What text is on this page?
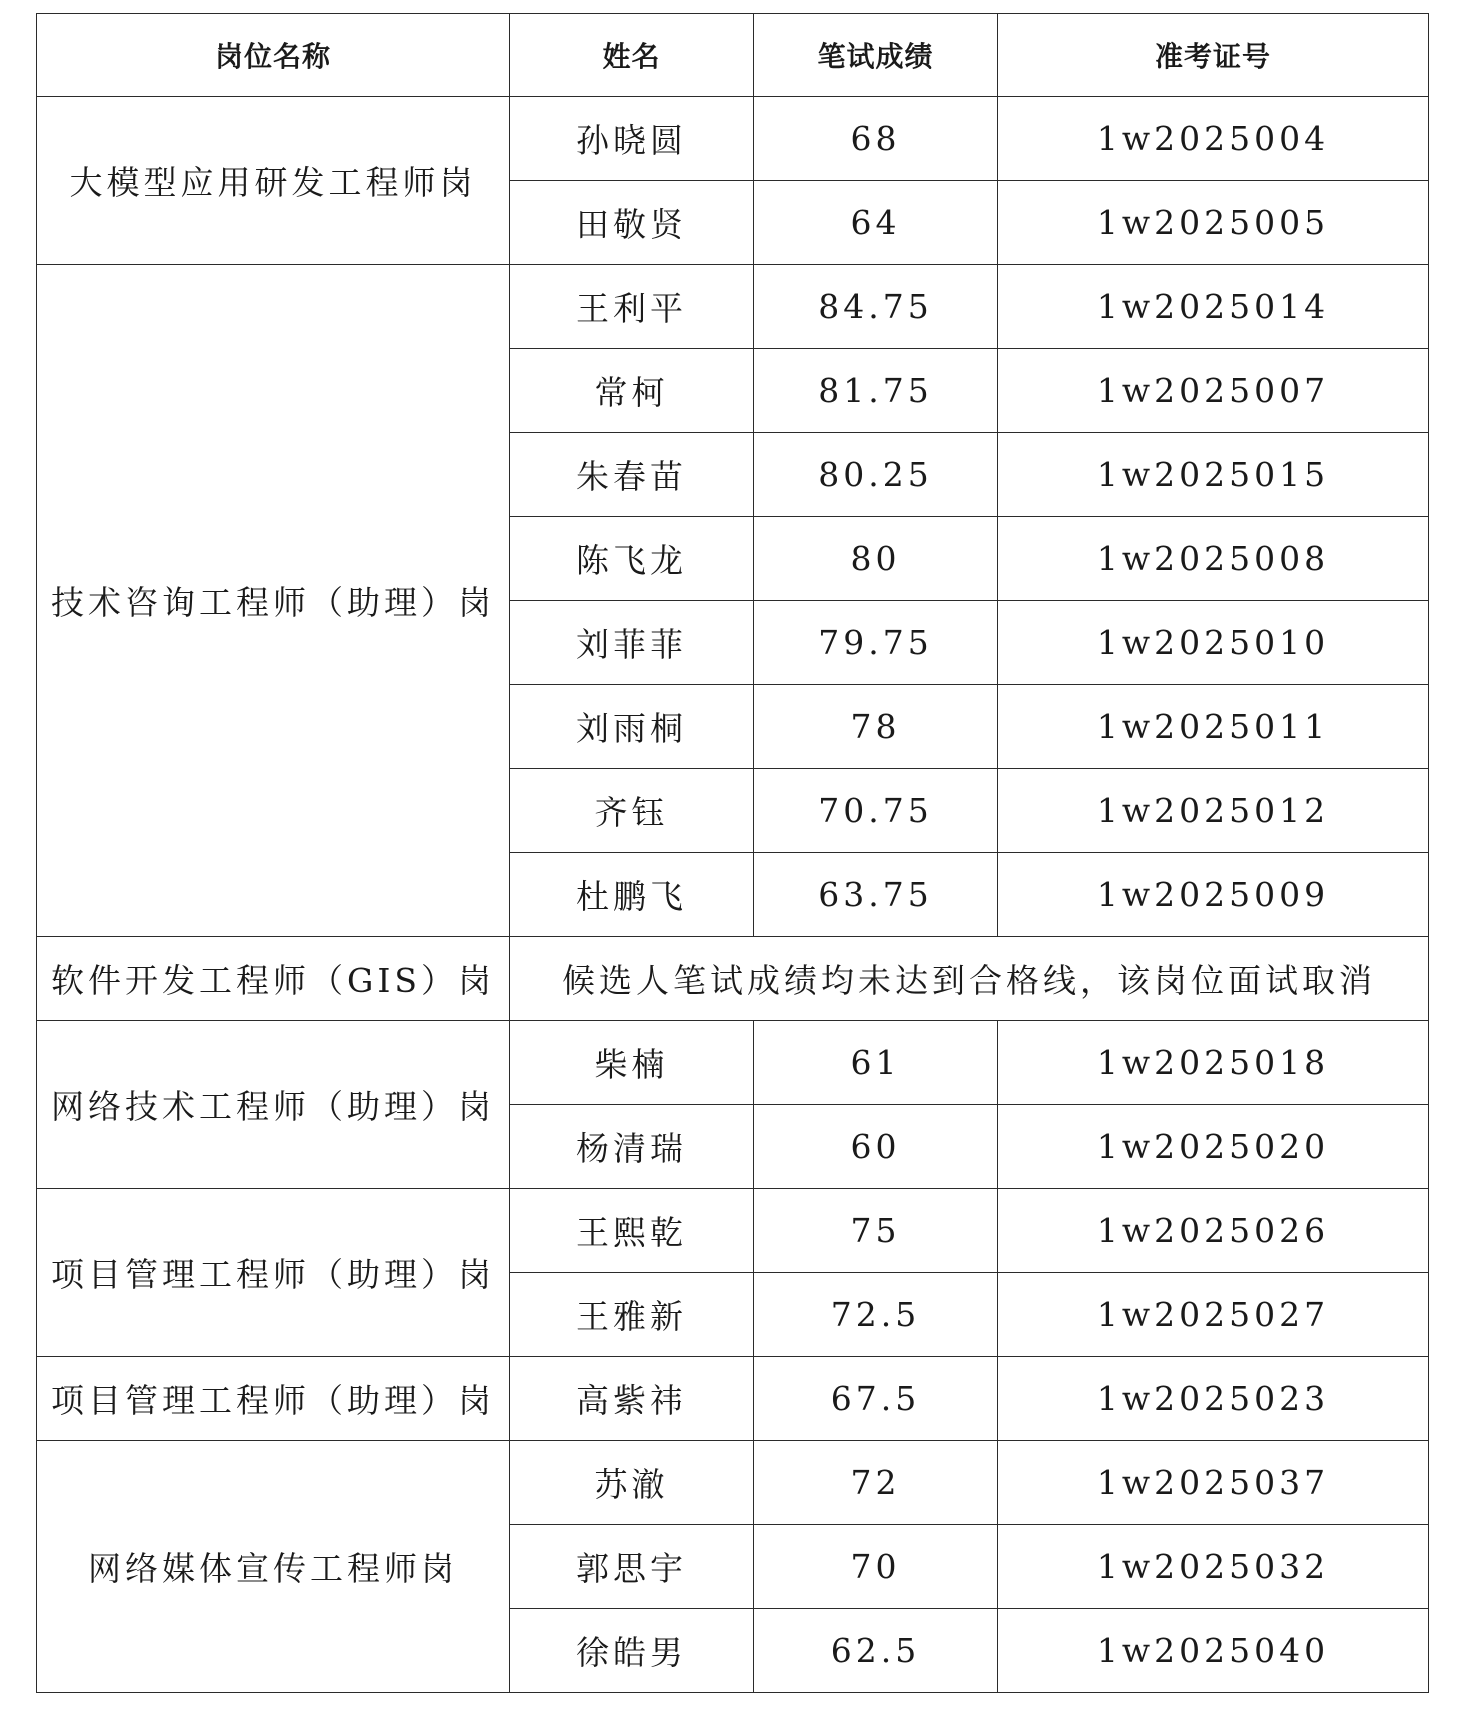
岗位名称	姓名	笔试成绩	准考证号
大模型应用研发工程师岗	孙晓圆	68	1w2025004
	田敬贤	64	1w2025005
技术咨询工程师（助理）岗	王利平	84.75	1w2025014
	常柯	81.75	1w2025007
	朱春苗	80.25	1w2025015
	陈飞龙	80	1w2025008
	刘菲菲	79.75	1w2025010
	刘雨桐	78	1w2025011
	齐钰	70.75	1w2025012
	杜鹏飞	63.75	1w2025009
软件开发工程师（GIS）岗	候选人笔试成绩均未达到合格线，该岗位面试取消		
网络技术工程师（助理）岗	柴楠	61	1w2025018
	杨清瑞	60	1w2025020
项目管理工程师（助理）岗	王熙乾	75	1w2025026
	王雅新	72.5	1w2025027
项目管理工程师（助理）岗	高紫祎	67.5	1w2025023
网络媒体宣传工程师岗	苏澈	72	1w2025037
	郭思宇	70	1w2025032
	徐皓男	62.5	1w2025040
